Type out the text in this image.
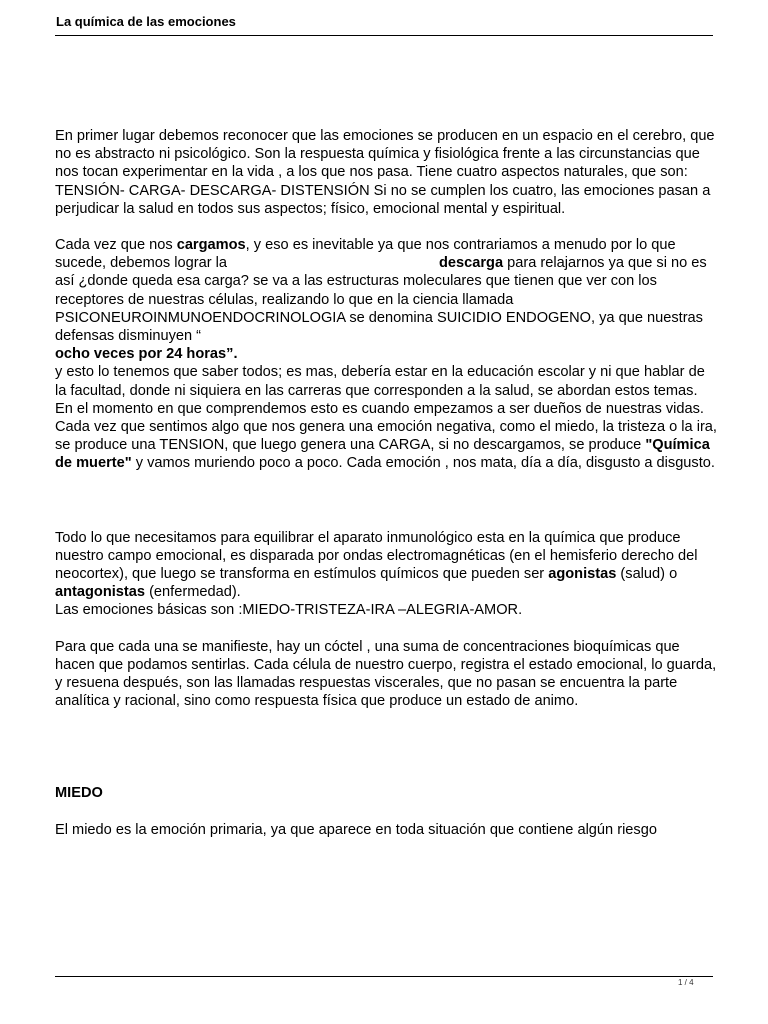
La química de las emociones

En primer lugar debemos reconocer que las emociones se producen en un espacio en el cerebro, que no es abstracto ni psicológico. Son la respuesta química y fisiológica frente a las circunstancias que nos tocan experimentar en la vida , a los que nos pasa. Tiene cuatro aspectos naturales, que son: TENSIÓN- CARGA- DESCARGA- DISTENSIÓN Si no se cumplen los cuatro, las emociones pasan a perjudicar la salud en todos sus aspectos; físico, emocional mental y espiritual.

Cada vez que nos cargamos, y eso es inevitable ya que nos contrariamos a menudo por lo que sucede, debemos lograr la	descarga para relajarnos ya que si no es así ¿donde queda esa carga? se va a las estructuras moleculares que tienen que ver con los receptores de nuestras células, realizando lo que en la ciencia llamada PSICONEUROINMUNOENDOCRINOLOGIA se denomina SUICIDIO ENDOGENO, ya que nuestras defensas disminuyen “

ocho veces por 24 horas”.

y esto lo tenemos que saber todos; es mas, debería estar en la educación escolar y ni que hablar de la facultad, donde ni siquiera en las carreras que corresponden a la salud, se abordan estos temas.

En el momento en que comprendemos esto es cuando empezamos a ser dueños de nuestras vidas.

Cada vez que sentimos algo que nos genera una emoción negativa, como el miedo, la tristeza o la ira, se produce una TENSION, que luego genera una CARGA, si no descargamos, se produce "Química de muerte" y vamos muriendo poco a poco. Cada emoción , nos mata, día a día, disgusto a disgusto.

Todo lo que necesitamos para equilibrar el aparato inmunológico esta en la química que produce nuestro campo emocional, es disparada por ondas electromagnéticas (en el hemisferio derecho del neocortex), que luego se transforma en estímulos químicos que pueden ser agonistas (salud) o antagonistas (enfermedad).

Las emociones básicas son :MIEDO-TRISTEZA-IRA –ALEGRIA-AMOR.

Para que cada una se manifieste, hay un cóctel , una suma de concentraciones bioquímicas que hacen que podamos sentirlas. Cada célula de nuestro cuerpo, registra el estado emocional, lo guarda, y resuena después, son las llamadas respuestas viscerales, que no pasan se encuentra la parte analítica y racional, sino como respuesta física que produce un estado de animo.

MIEDO

El miedo es la emoción primaria, ya que aparece en toda situación que contiene algún riesgo

1 / 4
